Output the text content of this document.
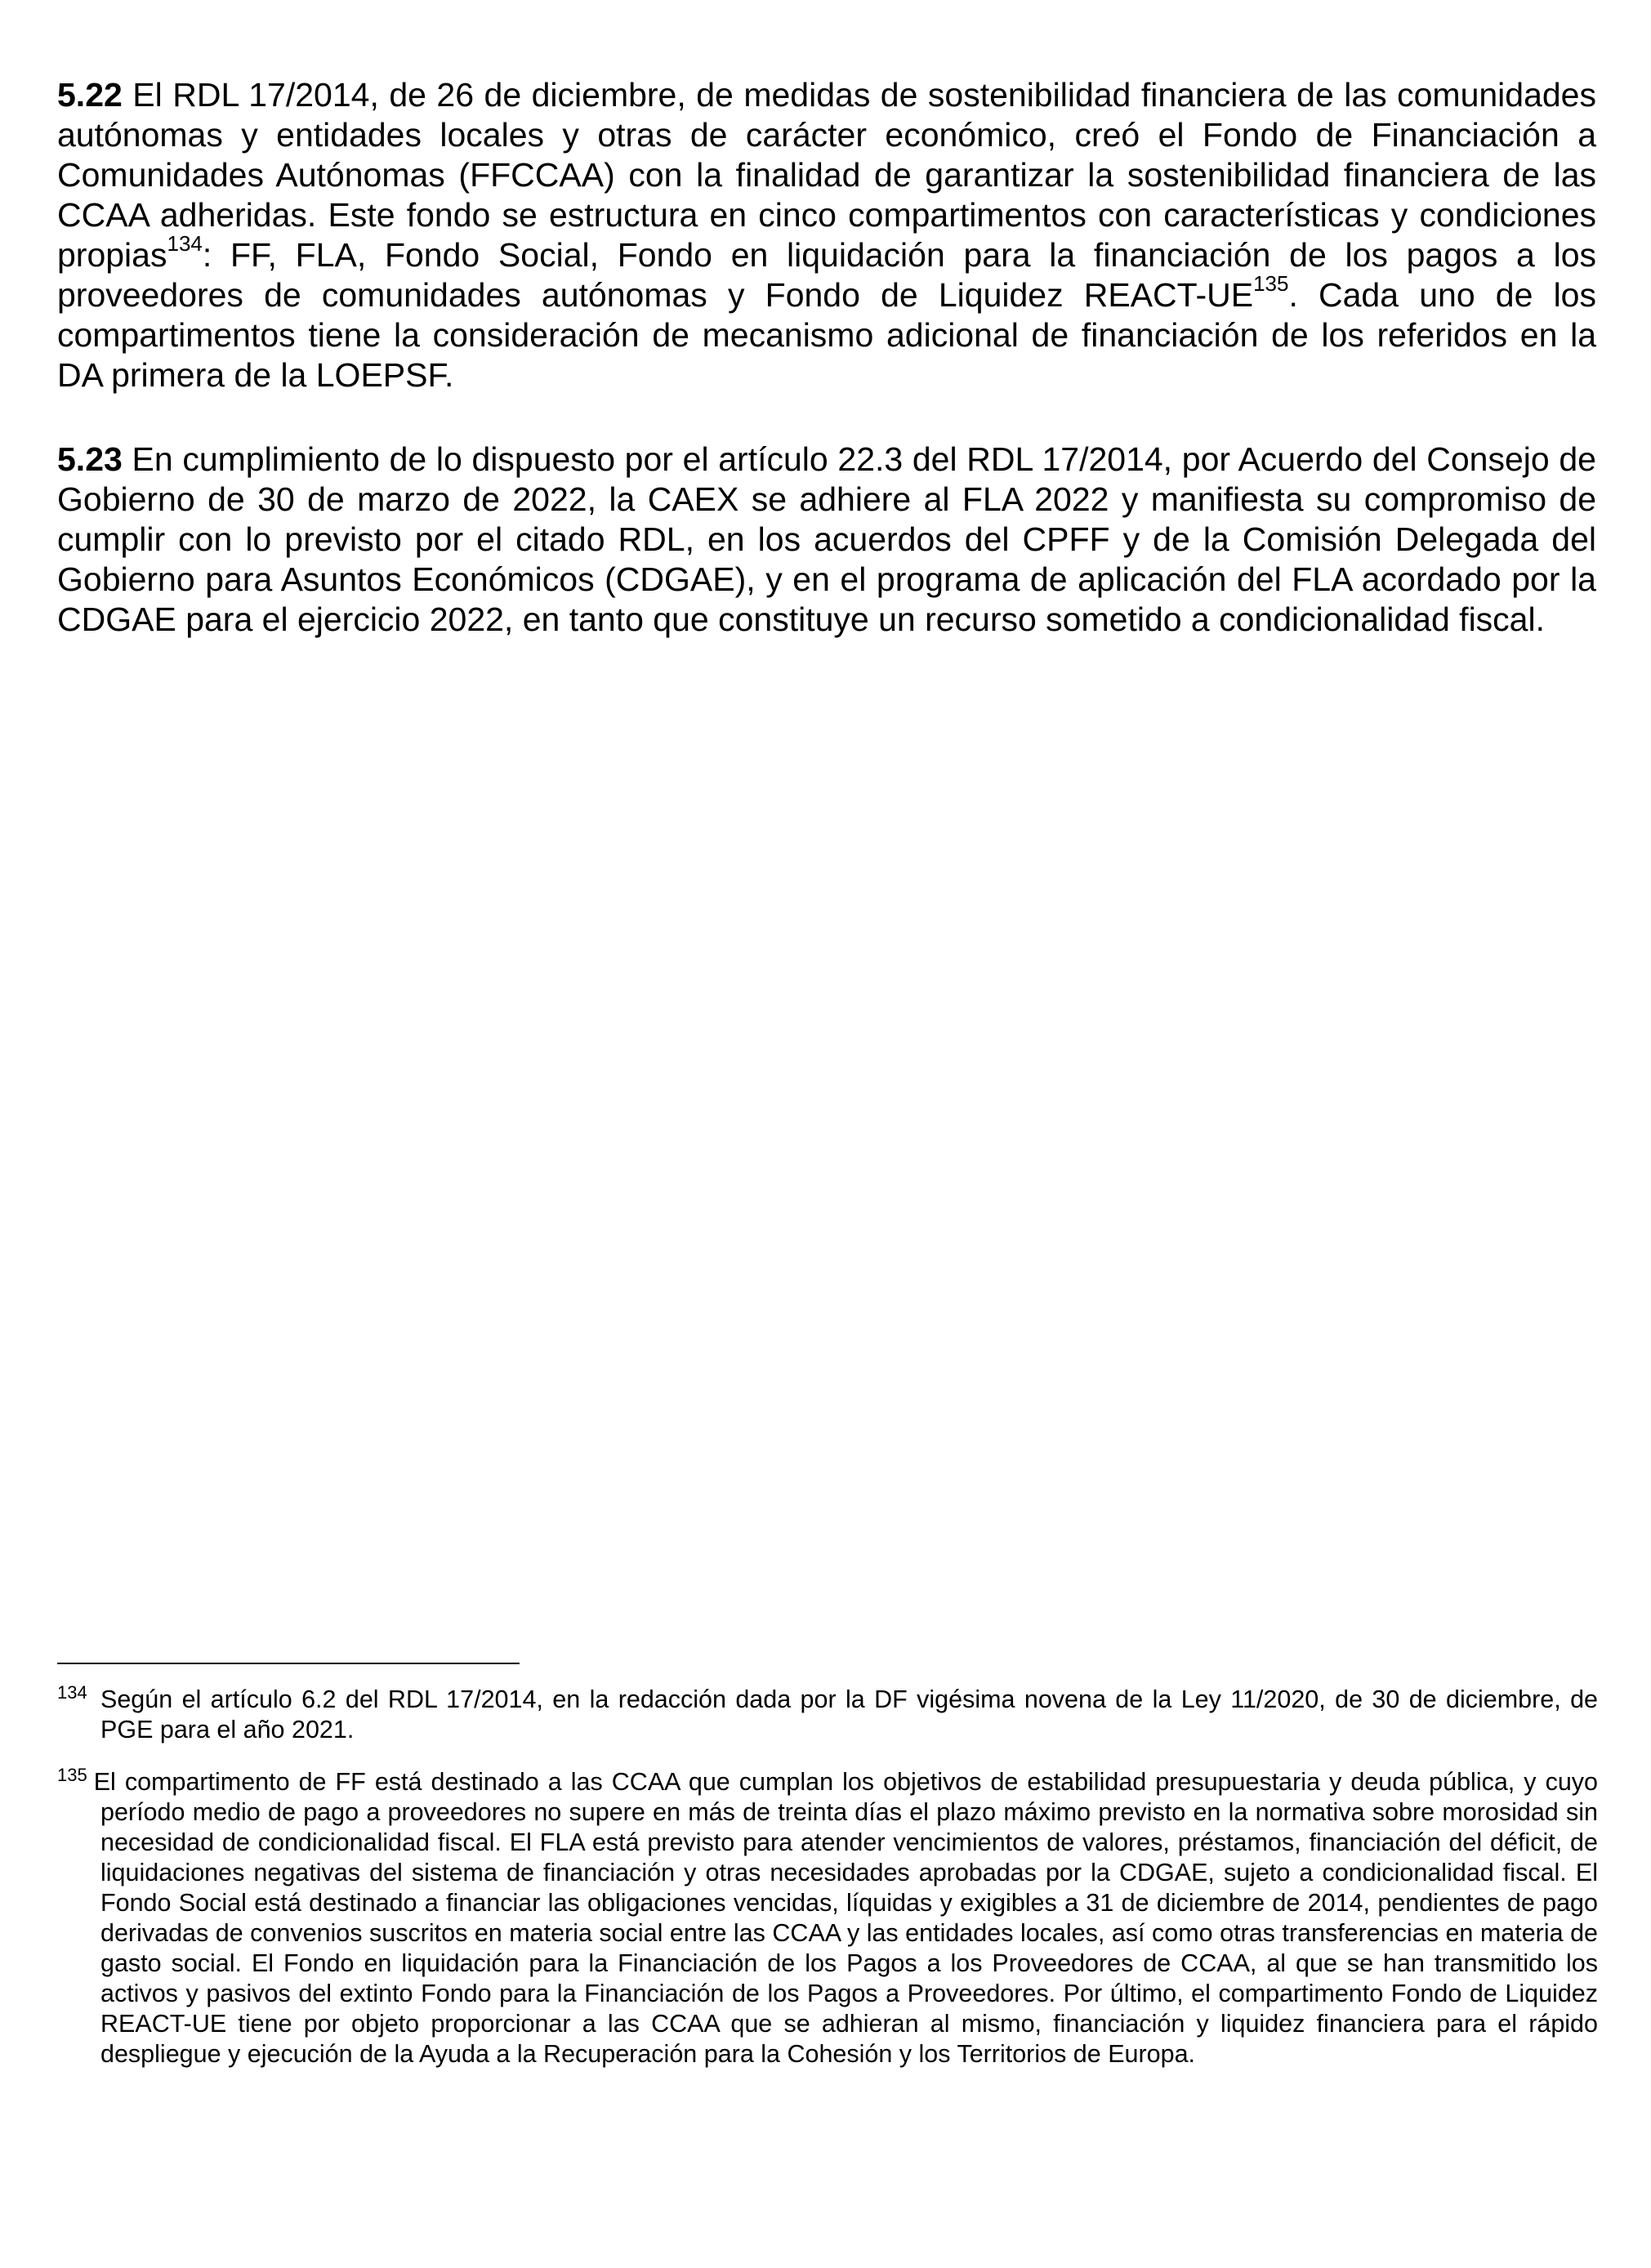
5.22 El RDL 17/2014, de 26 de diciembre, de medidas de sostenibilidad financiera de las comunidades autónomas y entidades locales y otras de carácter económico, creó el Fondo de Financiación a Comunidades Autónomas (FFCCAA) con la finalidad de garantizar la sostenibilidad financiera de las CCAA adheridas. Este fondo se estructura en cinco compartimentos con características y condiciones propias$^{134}$: FF, FLA, Fondo Social, Fondo en liquidación para la financiación de los pagos a los proveedores de comunidades autónomas y Fondo de Liquidez REACT-UE$^{135}$. Cada uno de los compartimentos tiene la consideración de mecanismo adicional de financiación de los referidos en la DA primera de la LOEPSF.

5.23 En cumplimiento de lo dispuesto por el artículo 22.3 del RDL 17/2014, por Acuerdo del Consejo de Gobierno de 30 de marzo de 2022, la CAEX se adhiere al FLA 2022 y manifiesta su compromiso de cumplir con lo previsto por el citado RDL, en los acuerdos del CPFF y de la Comisión Delegada del Gobierno para Asuntos Económicos (CDGAE), y en el programa de aplicación del FLA acordado por la CDGAE para el ejercicio 2022, en tanto que constituye un recurso sometido a condicionalidad fiscal.

134 Según el artículo 6.2 del RDL 17/2014, en la redacción dada por la DF vigésima novena de la Ley 11/2020, de 30 de diciembre, de PGE para el año 2021.

135 El compartimento de FF está destinado a las CCAA que cumplan los objetivos de estabilidad presupuestaria y deuda pública, y cuyo período medio de pago a proveedores no supere en más de treinta días el plazo máximo previsto en la normativa sobre morosidad sin necesidad de condicionalidad fiscal. El FLA está previsto para atender vencimientos de valores, préstamos, financiación del déficit, de liquidaciones negativas del sistema de financiación y otras necesidades aprobadas por la CDGAE, sujeto a condicionalidad fiscal. El Fondo Social está destinado a financiar las obligaciones vencidas, líquidas y exigibles a 31 de diciembre de 2014, pendientes de pago derivadas de convenios suscritos en materia social entre las CCAA y las entidades locales, así como otras transferencias en materia de gasto social. El Fondo en liquidación para la Financiación de los Pagos a los Proveedores de CCAA, al que se han transmitido los activos y pasivos del extinto Fondo para la Financiación de los Pagos a Proveedores. Por último, el compartimento Fondo de Liquidez REACT-UE tiene por objeto proporcionar a las CCAA que se adhieran al mismo, financiación y liquidez financiera para el rápido despliegue y ejecución de la Ayuda a la Recuperación para la Cohesión y los Territorios de Europa.
